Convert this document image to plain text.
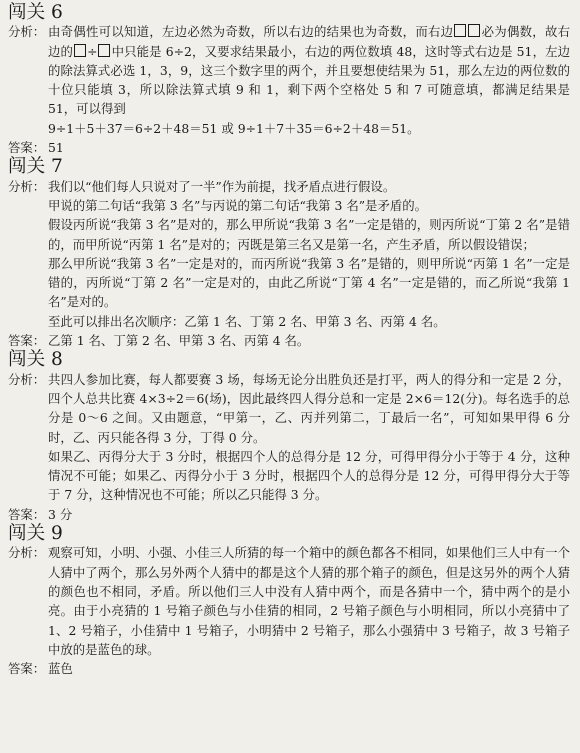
闯关 6
分析： 由奇偶性可以知道，左边必然为奇数，所以右边的结果也为奇数，而右边 必为偶数，故右边的 ÷ 中只能是 6÷2，又要求结果最小，右边的两位数填 48，这时等式右边是 51，左边的除法算式必选 1，3，9，这三个数字里的两个，并且要想使结果为 51，那么左边的两位数的十位只能填 3，所以除法算式填 9 和 1，剩下两个空格处 5 和 7 可随意填，都满足结果是 51，可以得到

9÷1＋5＋37＝6÷2＋48＝51 或 9÷1＋7＋35＝6÷2＋48＝51。

答案： 51
闯关 7
分析： 我们以“他们每人只说对了一半”作为前提，找矛盾点进行假设。

甲说的第二句话“我第 3 名”与丙说的第二句话“我第 3 名”是矛盾的。

假设丙所说“我第 3 名”是对的，那么甲所说“我第 3 名”一定是错的，则丙所说“丁第 2 名”是错的，而甲所说“丙第 1 名”是对的；丙既是第三名又是第一名，产生矛盾，所以假设错误；

那么甲所说“我第 3 名”一定是对的，而丙所说“我第 3 名”是错的，则甲所说“丙第 1 名”一定是错的，丙所说“丁第 2 名”一定是对的，由此乙所说“丁第 4 名”一定是错的，而乙所说“我第 1 名”是对的。

至此可以排出名次顺序：乙第 1 名、丁第 2 名、甲第 3 名、丙第 4 名。

答案： 乙第 1 名、丁第 2 名、甲第 3 名、丙第 4 名。
闯关 8
分析： 共四人参加比赛，每人都要赛 3 场，每场无论分出胜负还是打平，两人的得分和一定是 2 分，四个人总共比赛 4×3÷2＝6(场)，因此最终四人得分总和一定是 2×6＝12(分)。每名选手的总分是 0～6 之间。又由题意，“甲第一，乙、丙并列第二，丁最后一名”，可知如果甲得 6 分时，乙、丙只能各得 3 分，丁得 0 分。

如果乙、丙得分大于 3 分时，根据四个人的总得分是 12 分，可得甲得分小于等于 4 分，这种情况不可能；如果乙、丙得分小于 3 分时，根据四个人的总得分是 12 分，可得甲得分大于等于 7 分，这种情况也不可能；所以乙只能得 3 分。

答案： 3 分
闯关 9
分析： 观察可知，小明、小强、小佳三人所猜的每一个箱中的颜色都各不相同，如果他们三人中有一个人猜中了两个，那么另外两个人猜中的都是这个人猜的那个箱子的颜色，但是这另外的两个人猜的颜色也不相同，矛盾。所以他们三人中没有人猜中两个，而是各猜中一个，猜中两个的是小亮。由于小亮猜的 1 号箱子颜色与小佳猜的相同，2 号箱子颜色与小明相同，所以小亮猜中了 1、2 号箱子，小佳猜中 1 号箱子，小明猜中 2 号箱子，那么小强猜中 3 号箱子，故 3 号箱子中放的是蓝色的球。

答案： 蓝色
